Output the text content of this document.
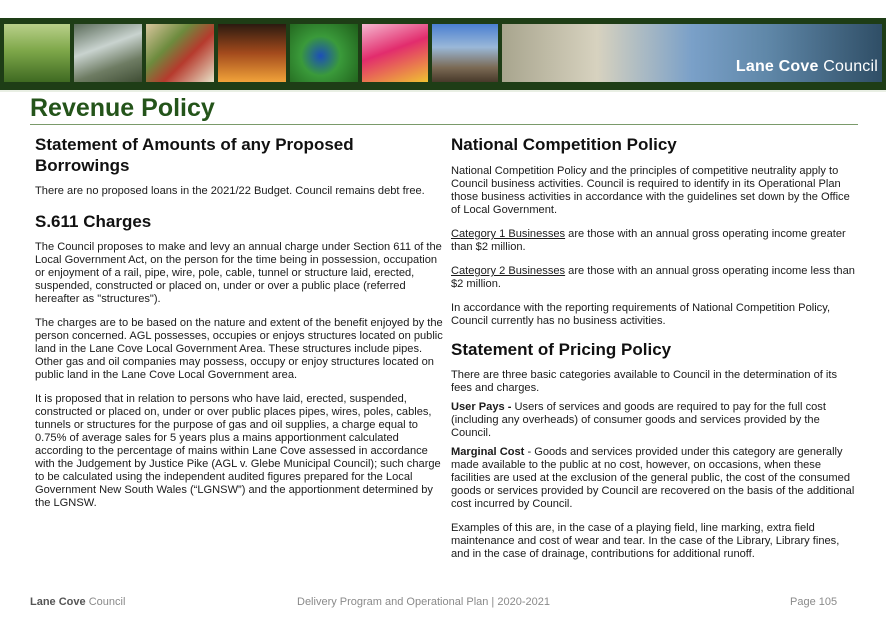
Lane Cove Council
Revenue Policy
Statement of Amounts of any Proposed Borrowings

There are no proposed loans in the 2021/22 Budget. Council remains debt free.

S.611 Charges

The Council proposes to make and levy an annual charge under Section 611 of the Local Government Act, on the person for the time being in possession, occupation or enjoyment of a rail, pipe, wire, pole, cable, tunnel or structure laid, erected, suspended, constructed or placed on, under or over a public place (referred hereafter as "structures").

The charges are to be based on the nature and extent of the benefit enjoyed by the person concerned. AGL possesses, occupies or enjoys structures located on public land in the Lane Cove Local Government Area. These structures include pipes. Other gas and oil companies may possess, occupy or enjoy structures located on public land in the Lane Cove Local Government area.

It is proposed that in relation to persons who have laid, erected, suspended, constructed or placed on, under or over public places pipes, wires, poles, cables, tunnels or structures for the purpose of gas and oil supplies, a charge equal to 0.75% of average sales for 5 years plus a mains apportionment calculated according to the percentage of mains within Lane Cove assessed in accordance with the Judgement by Justice Pike (AGL v. Glebe Municipal Council); such charge to be calculated using the independent audited figures prepared for the Local Government New South Wales (“LGNSW”) and the apportionment determined by the LGNSW.

National Competition Policy

National Competition Policy and the principles of competitive neutrality apply to Council business activities. Council is required to identify in its Operational Plan those business activities in accordance with the guidelines set down by the Office of Local Government.

Category 1 Businesses are those with an annual gross operating income greater than $2 million.

Category 2 Businesses are those with an annual gross operating income less than $2 million.

In accordance with the reporting requirements of National Competition Policy, Council currently has no business activities.

Statement of Pricing Policy

There are three basic categories available to Council in the determination of its fees and charges.

User Pays - Users of services and goods are required to pay for the full cost (including any overheads) of consumer goods and services provided by the Council.

Marginal Cost - Goods and services provided under this category are generally made available to the public at no cost, however, on occasions, when these facilities are used at the exclusion of the general public, the cost of the consumed goods or services provided by Council are recovered on the basis of the additional cost incurred by Council.

Examples of this are, in the case of a playing field, line marking, extra field maintenance and cost of wear and tear. In the case of the Library, Library fines, and in the case of drainage, contributions for additional runoff.

Lane Cove Council	Delivery Program and Operational Plan | 2020-2021	Page 105
